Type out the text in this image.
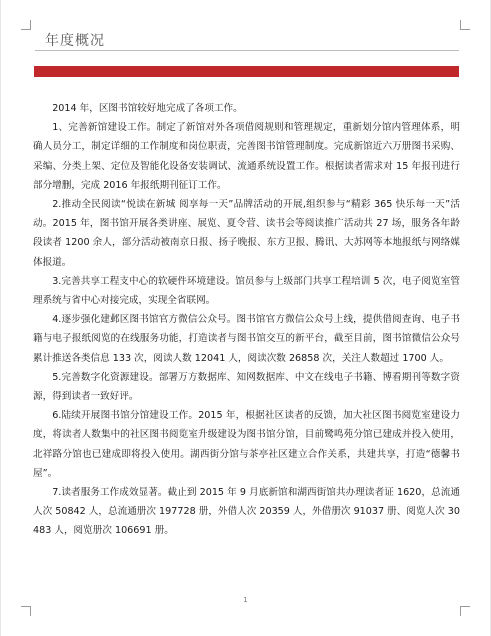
年度概况

2014 年，区图书馆较好地完成了各项工作。

1、完善新馆建设工作。制定了新馆对外各项借阅规则和管理规定，重新划分馆内管理体系，明确人员分工，制定详细的工作制度和岗位职责，完善图书馆管理制度。完成新馆近六万册图书采购、采编、分类上架、定位及智能化设备安装调试、流通系统设置工作。根据读者需求对 15 年报刊进行部分增删，完成 2016 年报纸期刊征订工作。

2.推动全民阅读“悦读在新城 阅享每一天”品牌活动的开展,组织参与“精彩 365 快乐每一天”活动。2015 年，图书馆开展各类讲座、展览、夏令营、读书会等阅读推广活动共 27 场，服务各年龄段读者 1200 余人，部分活动被南京日报、扬子晚报、东方卫报、腾讯、大苏网等本地报纸与网络媒体报道。

3.完善共享工程支中心的软硬件环境建设。馆员参与上级部门共享工程培训 5 次，电子阅览室管理系统与省中心对接完成，实现全省联网。

4.逐步强化建邺区图书馆官方微信公众号。图书馆官方微信公众号上线，提供借阅查询、电子书籍与电子报纸阅览的在线服务功能，打造读者与图书馆交互的新平台，截至目前，图书馆微信公众号累计推送各类信息 133 次，阅读人数 12041 人，阅读次数 26858 次，关注人数超过 1700 人。

5.完善数字化资源建设。部署万方数据库、知网数据库、中文在线电子书籍、博看期刊等数字资源，得到读者一致好评。

6.陆续开展图书馆分馆建设工作。2015 年，根据社区读者的反馈，加大社区图书阅览室建设力度，将读者人数集中的社区图书阅览室升级建设为图书馆分馆，目前鹭鸣苑分馆已建成并投入使用，北祥路分馆也已建成即将投入使用。湖西街分馆与茶亭社区建立合作关系，共建共享，打造“德馨书屋”。

7.读者服务工作成效显著。截止到 2015 年 9 月底新馆和湖西街馆共办理读者证 1620，总流通人次 50842 人，总流通册次 197728 册，外借人次 20359 人，外借册次 91037 册、阅览人次 30483 人，阅览册次 106691 册。

1
